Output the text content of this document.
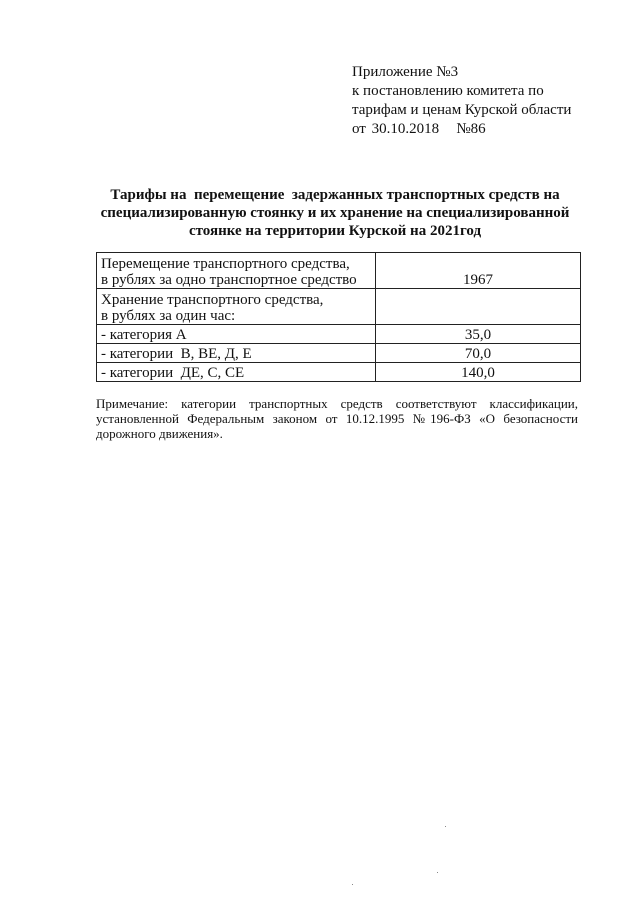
Приложение №3
к постановлению комитета по
тарифам и ценам Курской области
от 30.10.2018   №86
Тарифы на  перемещение  задержанных транспортных средств на
специализированную стоянку и их хранение на специализированной
стоянке на территории Курской на 2021год
Перемещение транспортного средства,
в рублях за одно транспортное средство	1967

Хранение транспортного средства,
в рублях за один час:	

- категория А	35,0
- категории  В, ВЕ, Д, Е	70,0
- категории  ДЕ, С, СЕ	140,0
Примечание: категории транспортных средств соответствуют классификации, установленной Федеральным законом от 10.12.1995 №196-ФЗ «О безопасности дорожного движения».
